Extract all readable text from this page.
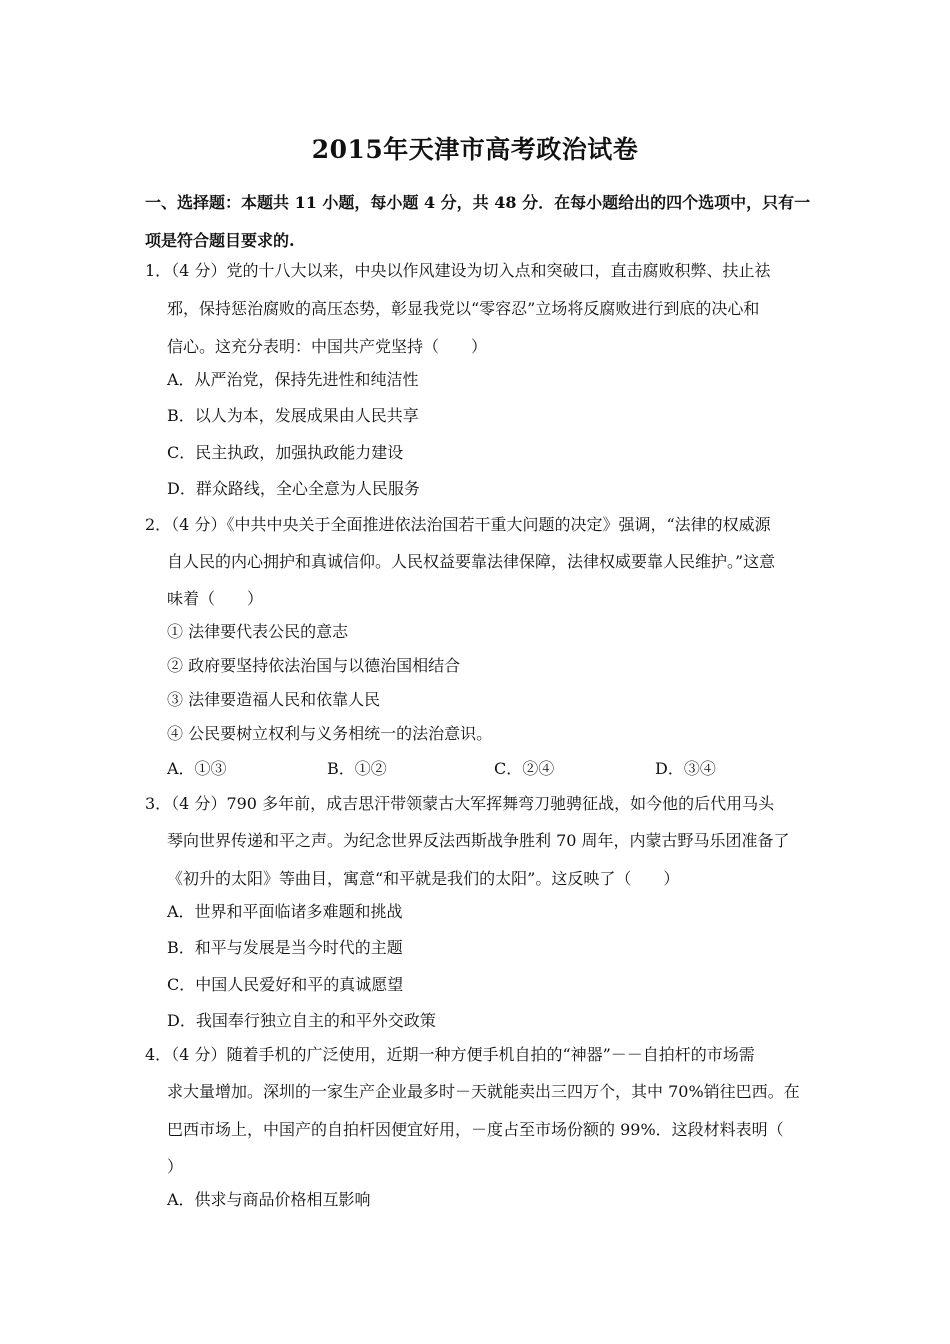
2015年天津市高考政治试卷
一、选择题：本题共 11 小题，每小题 4 分，共 48 分．在每小题给出的四个选项中，只有一
项是符合题目要求的.
1．（4 分）党的十八大以来，中央以作风建设为切入点和突破口，直击腐败积弊、扶止祛
邪，保持惩治腐败的高压态势，彰显我党以“零容忍”立场将反腐败进行到底的决心和
信心。这充分表明：中国共产党坚持（　　）
A．从严治党，保持先进性和纯洁性
B．以人为本，发展成果由人民共享
C．民主执政，加强执政能力建设
D．群众路线，全心全意为人民服务
2．（4 分）《中共中央关于全面推进依法治国若干重大问题的决定》强调，“法律的权威源
自人民的内心拥护和真诚信仰。人民权益要靠法律保障，法律权威要靠人民维护。”这意
味着（　　）
① 法律要代表公民的意志
② 政府要坚持依法治国与以德治国相结合
③ 法律要造福人民和依靠人民
④ 公民要树立权利与义务相统一的法治意识。
A．①③	B．①②	C．②④	D．③④
3．（4 分）790 多年前，成吉思汗带领蒙古大军挥舞弯刀驰骋征战，如今他的后代用马头
琴向世界传递和平之声。为纪念世界反法西斯战争胜利 70 周年，内蒙古野马乐团准备了
《初升的太阳》等曲目，寓意“和平就是我们的太阳”。这反映了（　　）
A．世界和平面临诸多难题和挑战
B．和平与发展是当今时代的主题
C．中国人民爱好和平的真诚愿望
D．我国奉行独立自主的和平外交政策
4．（4 分）随着手机的广泛使用，近期一种方便手机自拍的“神器”－－自拍杆的市场需
求大量增加。深圳的一家生产企业最多时－天就能卖出三四万个，其中 70%销往巴西。在
巴西市场上，中国产的自拍杆因便宜好用，－度占至市场份额的 99%．这段材料表明（
）
A．供求与商品价格相互影响
